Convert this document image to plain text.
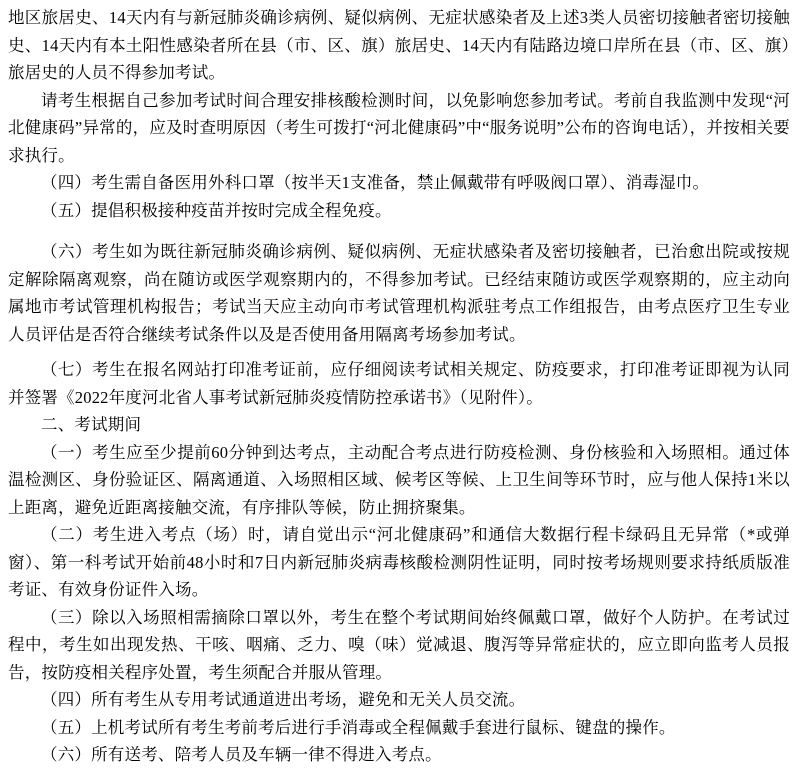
地区旅居史、14天内有与新冠肺炎确诊病例、疑似病例、无症状感染者及上述3类人员密切接触者密切接触史、14天内有本土阳性感染者所在县（市、区、旗）旅居史、14天内有陆路边境口岸所在县（市、区、旗）旅居史的人员不得参加考试。

请考生根据自己参加考试时间合理安排核酸检测时间，以免影响您参加考试。考前自我监测中发现“河北健康码”异常的，应及时查明原因（考生可拨打“河北健康码”中“服务说明”公布的咨询电话），并按相关要求执行。

（四）考生需自备医用外科口罩（按半天1支准备，禁止佩戴带有呼吸阀口罩）、消毒湿巾。

（五）提倡积极接种疫苗并按时完成全程免疫。

（六）考生如为既往新冠肺炎确诊病例、疑似病例、无症状感染者及密切接触者，已治愈出院或按规定解除隔离观察，尚在随访或医学观察期内的，不得参加考试。已经结束随访或医学观察期的，应主动向属地市考试管理机构报告；考试当天应主动向市考试管理机构派驻考点工作组报告，由考点医疗卫生专业人员评估是否符合继续考试条件以及是否使用备用隔离考场参加考试。

（七）考生在报名网站打印准考证前，应仔细阅读考试相关规定、防疫要求，打印准考证即视为认同并签署《2022年度河北省人事考试新冠肺炎疫情防控承诺书》（见附件）。

二、考试期间

（一）考生应至少提前60分钟到达考点，主动配合考点进行防疫检测、身份核验和入场照相。通过体温检测区、身份验证区、隔离通道、入场照相区域、候考区等候、上卫生间等环节时，应与他人保持1米以上距离，避免近距离接触交流，有序排队等候，防止拥挤聚集。

（二）考生进入考点（场）时，请自觉出示“河北健康码”和通信大数据行程卡绿码且无异常（*或弹窗）、第一科考试开始前48小时和7日内新冠肺炎病毒核酸检测阴性证明，同时按考场规则要求持纸质版准考证、有效身份证件入场。

（三）除以入场照相需摘除口罩以外，考生在整个考试期间始终佩戴口罩，做好个人防护。在考试过程中，考生如出现发热、干咳、咽痛、乏力、嗅（味）觉减退、腹泻等异常症状的，应立即向监考人员报告，按防疫相关程序处置，考生须配合并服从管理。

（四）所有考生从专用考试通道进出考场，避免和无关人员交流。

（五）上机考试所有考生考前考后进行手消毒或全程佩戴手套进行鼠标、键盘的操作。

（六）所有送考、陪考人员及车辆一律不得进入考点。
